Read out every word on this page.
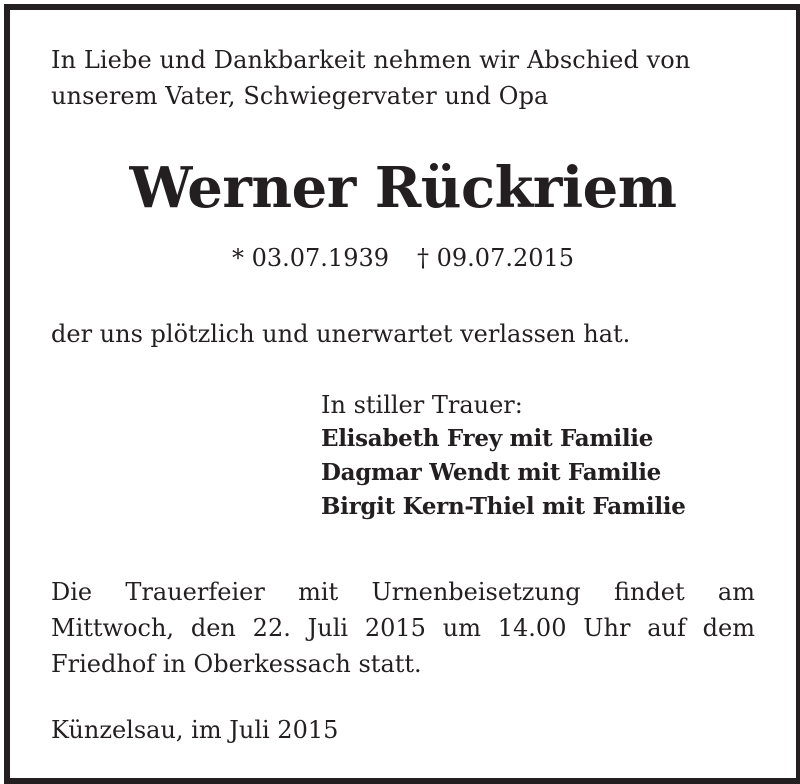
In Liebe und Dankbarkeit nehmen wir Abschied von
unserem Vater, Schwiegervater und Opa
Werner Rückriem
* 03.07.1939 † 09.07.2015
der uns plötzlich und unerwartet verlassen hat.
In stiller Trauer:
Elisabeth Frey mit Familie
Dagmar Wendt mit Familie
Birgit Kern-Thiel mit Familie
Die Trauerfeier mit Urnenbeisetzung findet am
Mittwoch, den 22. Juli 2015 um 14.00 Uhr auf dem
Friedhof in Oberkessach statt.
Künzelsau, im Juli 2015
